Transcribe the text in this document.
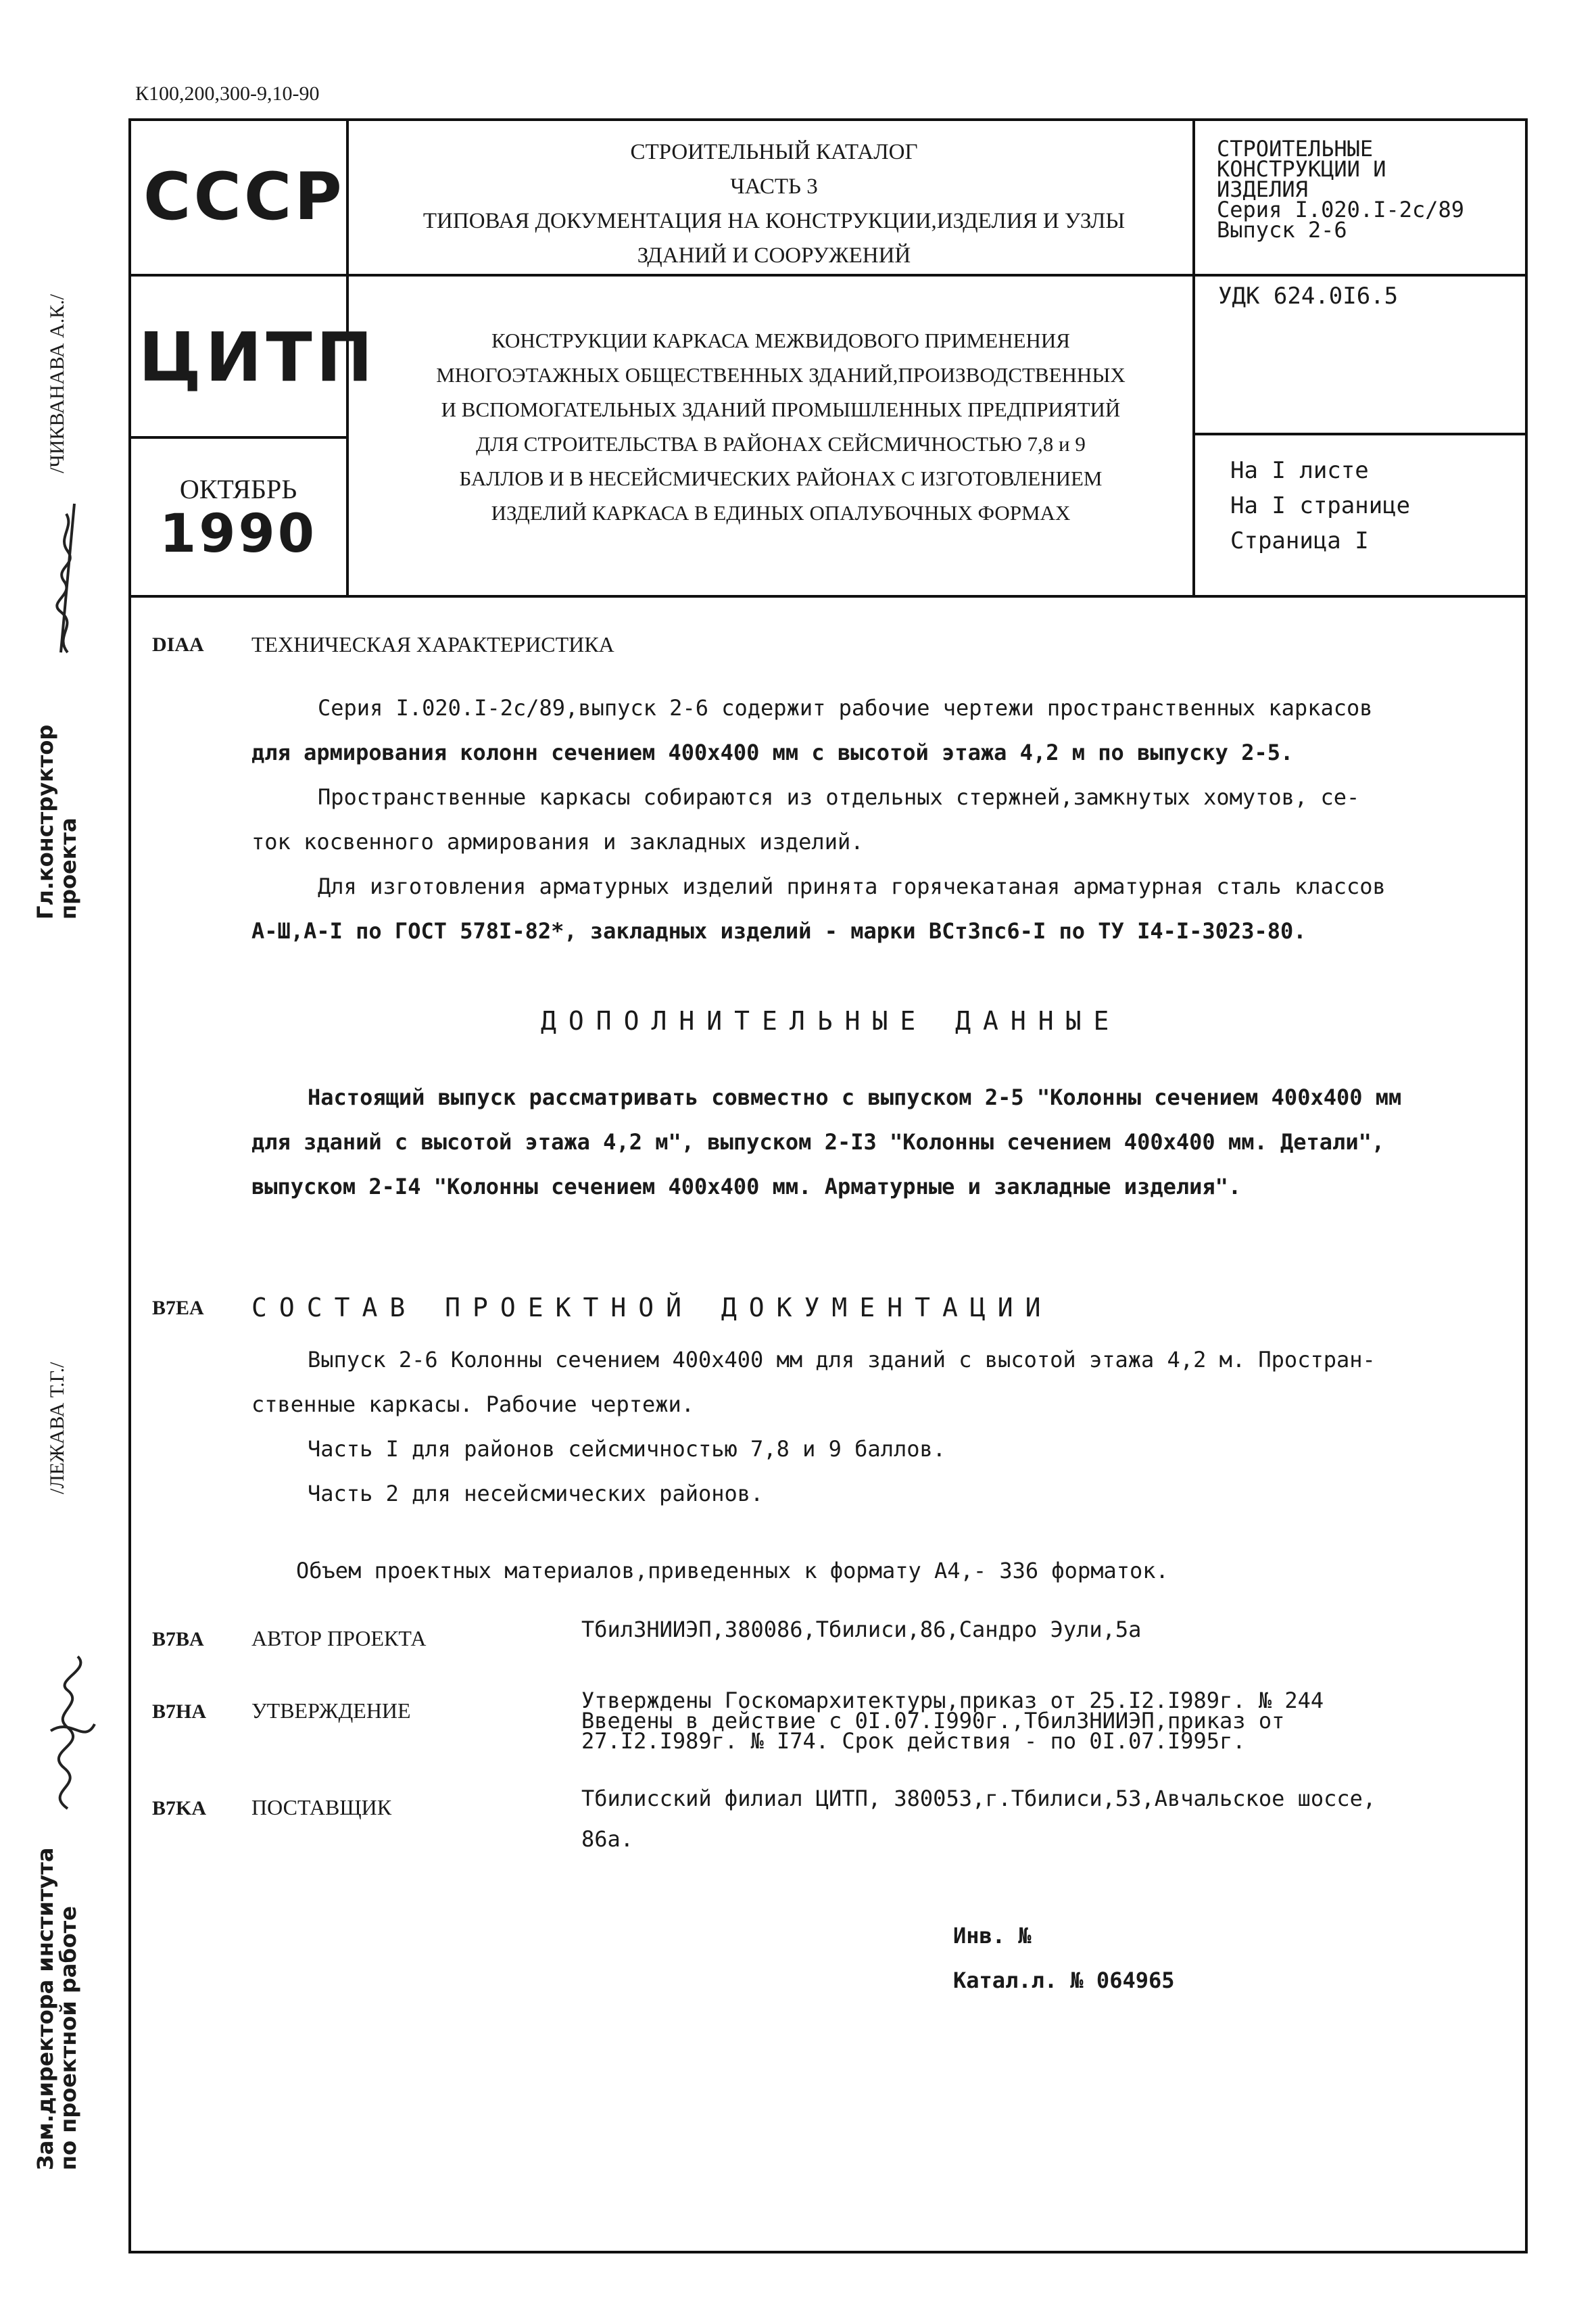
К100,200,300-9,10-90
СССР
ЦИТП
ОКТЯБРЬ
1990
СТРОИТЕЛЬНЫЙ КАТАЛОГ
ЧАСТЬ 3
ТИПОВАЯ ДОКУМЕНТАЦИЯ НА КОНСТРУКЦИИ,ИЗДЕЛИЯ И УЗЛЫ
ЗДАНИЙ И СООРУЖЕНИЙ
КОНСТРУКЦИИ КАРКАСА МЕЖВИДОВОГО ПРИМЕНЕНИЯ
МНОГОЭТАЖНЫХ ОБЩЕСТВЕННЫХ ЗДАНИЙ,ПРОИЗВОДСТВЕННЫХ
И ВСПОМОГАТЕЛЬНЫХ ЗДАНИЙ ПРОМЫШЛЕННЫХ ПРЕДПРИЯТИЙ
ДЛЯ СТРОИТЕЛЬСТВА В РАЙОНАХ СЕЙСМИЧНОСТЬЮ 7,8 и 9
БАЛЛОВ И В НЕСЕЙСМИЧЕСКИХ РАЙОНАХ С ИЗГОТОВЛЕНИЕМ
ИЗДЕЛИЙ КАРКАСА В ЕДИНЫХ ОПАЛУБОЧНЫХ ФОРМАХ
СТРОИТЕЛЬНЫЕ
КОНСТРУКЦИИ И
ИЗДЕЛИЯ
Серия I.020.I-2c/89
Выпуск 2-6
УДК 624.0I6.5
На I листе
На I странице
Страница I
/ЧИКВАНАВА А.К./
Гл.конструктор
проекта
/ЛЕЖАВА Т.Г./
Зам.директора института
по проектной работе
DIAA ТЕХНИЧЕСКАЯ ХАРАКТЕРИСТИКА
Серия I.020.I-2c/89,выпуск 2-6 содержит рабочие чертежи пространственных каркасов
для армирования колонн сечением 400х400 мм с высотой этажа 4,2 м по выпуску 2-5.
Пространственные каркасы собираются из отдельных стержней,замкнутых хомутов, се-
ток косвенного армирования и закладных изделий.
Для изготовления арматурных изделий принята горячекатаная арматурная сталь классов
А-Ш,А-I по ГОСТ 578I-82*, закладных изделий - марки ВСт3пс6-I по ТУ I4-I-3023-80.
ДОПОЛНИТЕЛЬНЫЕ ДАННЫЕ
Настоящий выпуск рассматривать совместно с выпуском 2-5 "Колонны сечением 400х400 мм
для зданий с высотой этажа 4,2 м", выпуском 2-I3 "Колонны сечением 400х400 мм. Детали",
выпуском 2-I4 "Колонны сечением 400х400 мм. Арматурные и закладные изделия".
B7EA СОСТАВ ПРОЕКТНОЙ ДОКУМЕНТАЦИИ
Выпуск 2-6 Колонны сечением 400х400 мм для зданий с высотой этажа 4,2 м. Простран-
ственные каркасы. Рабочие чертежи.
Часть I для районов сейсмичностью 7,8 и 9 баллов.
Часть 2 для несейсмических районов.
Объем проектных материалов,приведенных к формату А4,- 336 форматок.
B7BA АВТОР ПРОЕКТА	ТбилЗНИИЭП,380086,Тбилиси,86,Сандро Эули,5а
B7HA УТВЕРЖДЕНИЕ	Утверждены Госкомархитектуры,приказ от 25.I2.I989г. № 244
Введены в действие с 0I.07.I990г.,ТбилЗНИИЭП,приказ от
27.I2.I989г. № I74. Срок действия - по 0I.07.I995г.
B7KA ПОСТАВЩИК	Тбилисский филиал ЦИТП, 380053,г.Тбилиси,53,Авчальское шоссе,
86а.
Инв. №
Катал.л. № 064965
